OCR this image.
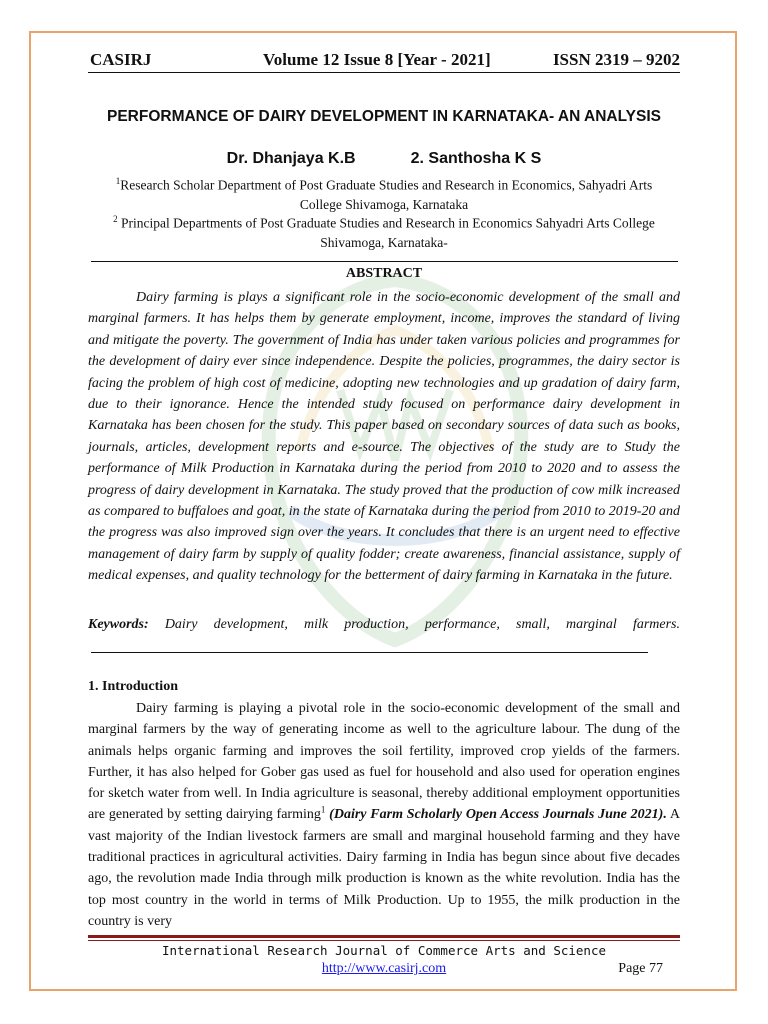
CASIRJ	Volume 12 Issue 8 [Year - 2021]	ISSN 2319 – 9202
PERFORMANCE OF DAIRY DEVELOPMENT IN KARNATAKA- AN ANALYSIS
Dr. Dhanjaya K.B	2. Santhosha K S
$^1$Research Scholar Department of Post Graduate Studies and Research in Economics, Sahyadri Arts College Shivamoga, Karnataka
$^2$ Principal Departments of Post Graduate Studies and Research in Economics Sahyadri Arts College Shivamoga, Karnataka-
ABSTRACT

Dairy farming is plays a significant role in the socio-economic development of the small and marginal farmers. It has helps them by generate employment, income, improves the standard of living and mitigate the poverty. The government of India has under taken various policies and programmes for the development of dairy ever since independence. Despite the policies, programmes, the dairy sector is facing the problem of high cost of medicine, adopting new technologies and up gradation of dairy farm, due to their ignorance. Hence the intended study focused on performance dairy development in Karnataka has been chosen for the study. This paper based on secondary sources of data such as books, journals, articles, development reports and e-source. The objectives of the study are to Study the performance of Milk Production in Karnataka during the period from 2010 to 2020 and to assess the progress of dairy development in Karnataka. The study proved that the production of cow milk increased as compared to buffaloes and goat, in the state of Karnataka during the period from 2010 to 2019-20 and the progress was also improved sign over the years. It concludes that there is an urgent need to effective management of dairy farm by supply of quality fodder; create awareness, financial assistance, supply of medical expenses, and quality technology for the betterment of dairy farming in Karnataka in the future.

Keywords: Dairy development, milk production, performance, small, marginal farmers.

1. Introduction

Dairy farming is playing a pivotal role in the socio-economic development of the small and marginal farmers by the way of generating income as well to the agriculture labour. The dung of the animals helps organic farming and improves the soil fertility, improved crop yields of the farmers. Further, it has also helped for Gober gas used as fuel for household and also used for operation engines for sketch water from well. In India agriculture is seasonal, thereby additional employment opportunities are generated by setting dairying farming$^1$ (Dairy Farm Scholarly Open Access Journals June 2021). A vast majority of the Indian livestock farmers are small and marginal household farming and they have traditional practices in agricultural activities. Dairy farming in India has begun since about five decades ago, the revolution made India through milk production is known as the white revolution. India has the top most country in the world in terms of Milk Production. Up to 1955, the milk production in the country is very

International Research Journal of Commerce Arts and Science
http://www.casirj.com	Page 77
